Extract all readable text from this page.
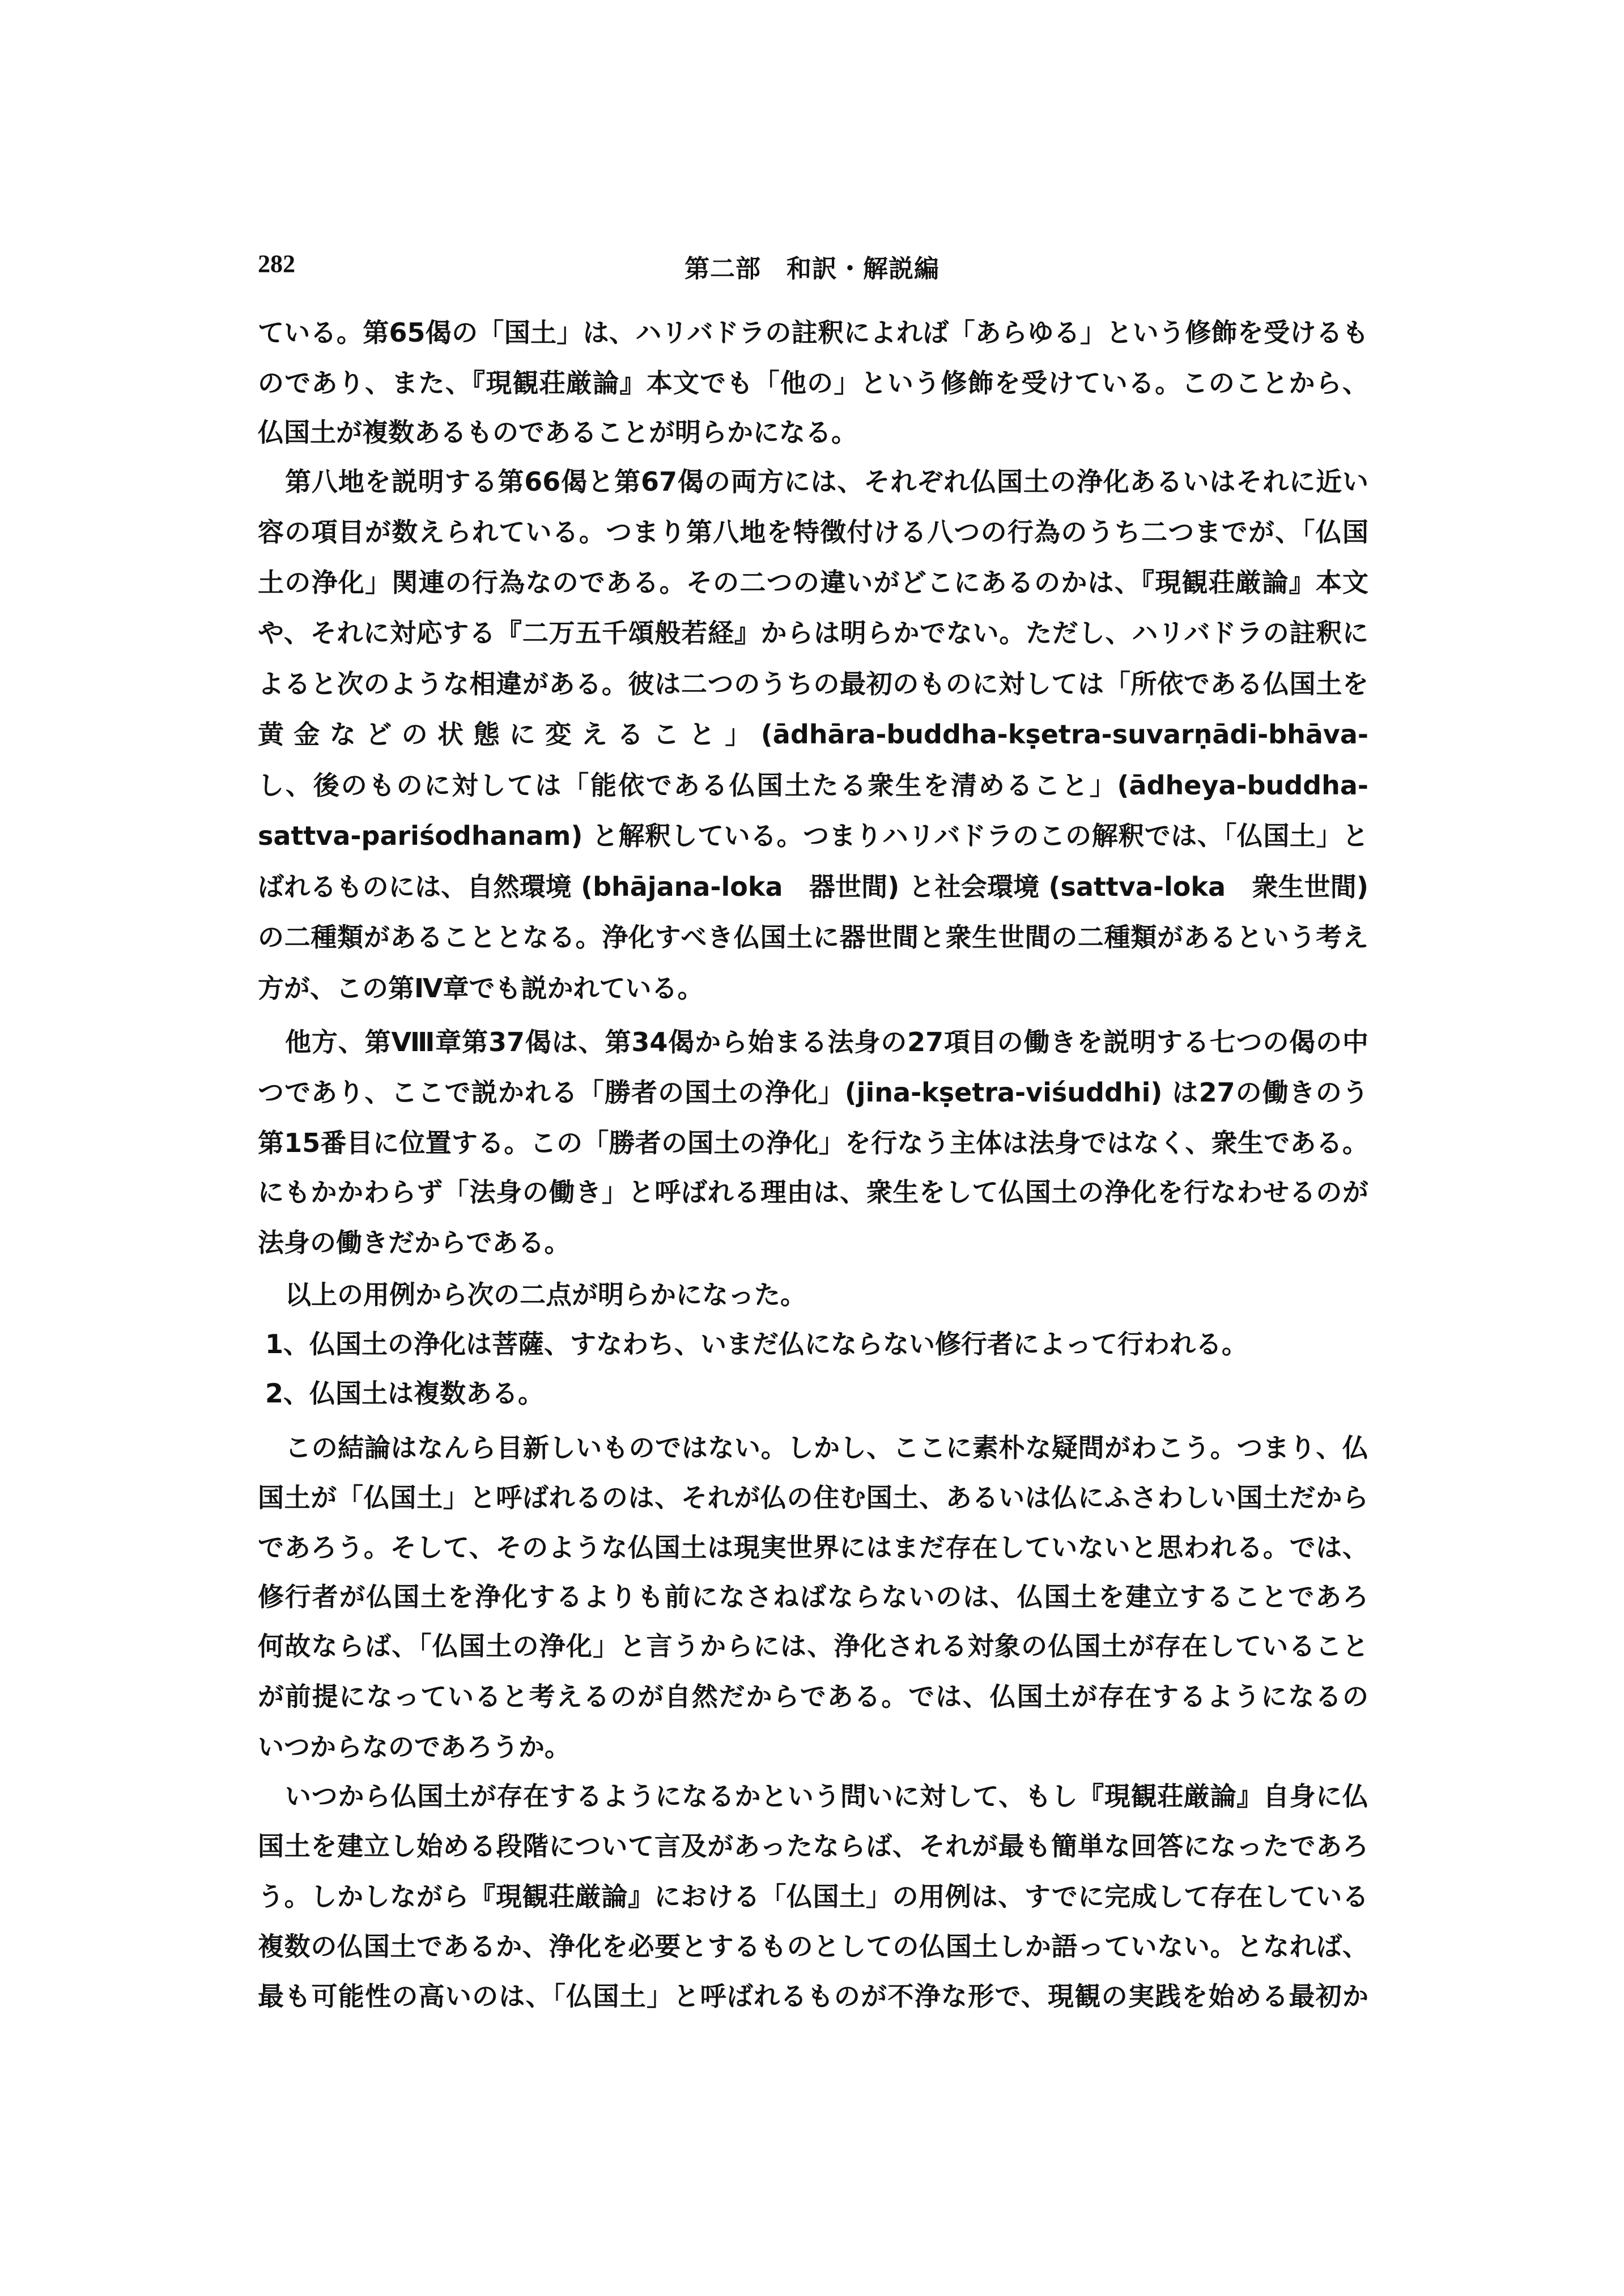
282	第二部　和訳・解説編
ている。第65偈の「国土」は、ハリバドラの註釈によれば「あらゆる」という修飾を受けるも
のであり、また、『現観荘厳論』本文でも「他の」という修飾を受けている。このことから、
仏国土が複数あるものであることが明らかになる。
第八地を説明する第66偈と第67偈の両方には、それぞれ仏国土の浄化あるいはそれに近い
容の項目が数えられている。つまり第八地を特徴付ける八つの行為のうち二つまでが、「仏国
土の浄化」関連の行為なのである。その二つの違いがどこにあるのかは、『現観荘厳論』本文
や、それに対応する『二万五千頌般若経』からは明らかでない。ただし、ハリバドラの註釈に
よると次のような相違がある。彼は二つのうちの最初のものに対しては「所依である仏国土を
黄金などの状態に変えること」(ādhāra-buddha-kṣetra-suvarṇādi-bhāva-
し、後のものに対しては「能依である仏国土たる衆生を清めること」(ādheya-buddha-
sattva-pariśodhanam) と解釈している。つまりハリバドラのこの解釈では、「仏国土」と
ばれるものには、自然環境 (bhājana-loka　器世間) と社会環境 (sattva-loka　衆生世間)
の二種類があることとなる。浄化すべき仏国土に器世間と衆生世間の二種類があるという考え
方が、この第Ⅳ章でも説かれている。
他方、第Ⅷ章第37偈は、第34偈から始まる法身の27項目の働きを説明する七つの偈の中
つであり、ここで説かれる「勝者の国土の浄化」(jina-kṣetra-viśuddhi) は27の働きのう
第15番目に位置する。この「勝者の国土の浄化」を行なう主体は法身ではなく、衆生である。
にもかかわらず「法身の働き」と呼ばれる理由は、衆生をして仏国土の浄化を行なわせるのが
法身の働きだからである。
以上の用例から次の二点が明らかになった。
1、仏国土の浄化は菩薩、すなわち、いまだ仏にならない修行者によって行われる。
2、仏国土は複数ある。
この結論はなんら目新しいものではない。しかし、ここに素朴な疑問がわこう。つまり、仏
国土が「仏国土」と呼ばれるのは、それが仏の住む国土、あるいは仏にふさわしい国土だから
であろう。そして、そのような仏国土は現実世界にはまだ存在していないと思われる。では、
修行者が仏国土を浄化するよりも前になさねばならないのは、仏国土を建立することであろ
何故ならば、「仏国土の浄化」と言うからには、浄化される対象の仏国土が存在していること
が前提になっていると考えるのが自然だからである。では、仏国土が存在するようになるの
いつからなのであろうか。
いつから仏国土が存在するようになるかという問いに対して、もし『現観荘厳論』自身に仏
国土を建立し始める段階について言及があったならば、それが最も簡単な回答になったであろ
う。しかしながら『現観荘厳論』における「仏国土」の用例は、すでに完成して存在している
複数の仏国土であるか、浄化を必要とするものとしての仏国土しか語っていない。となれば、
最も可能性の高いのは、「仏国土」と呼ばれるものが不浄な形で、現観の実践を始める最初か
